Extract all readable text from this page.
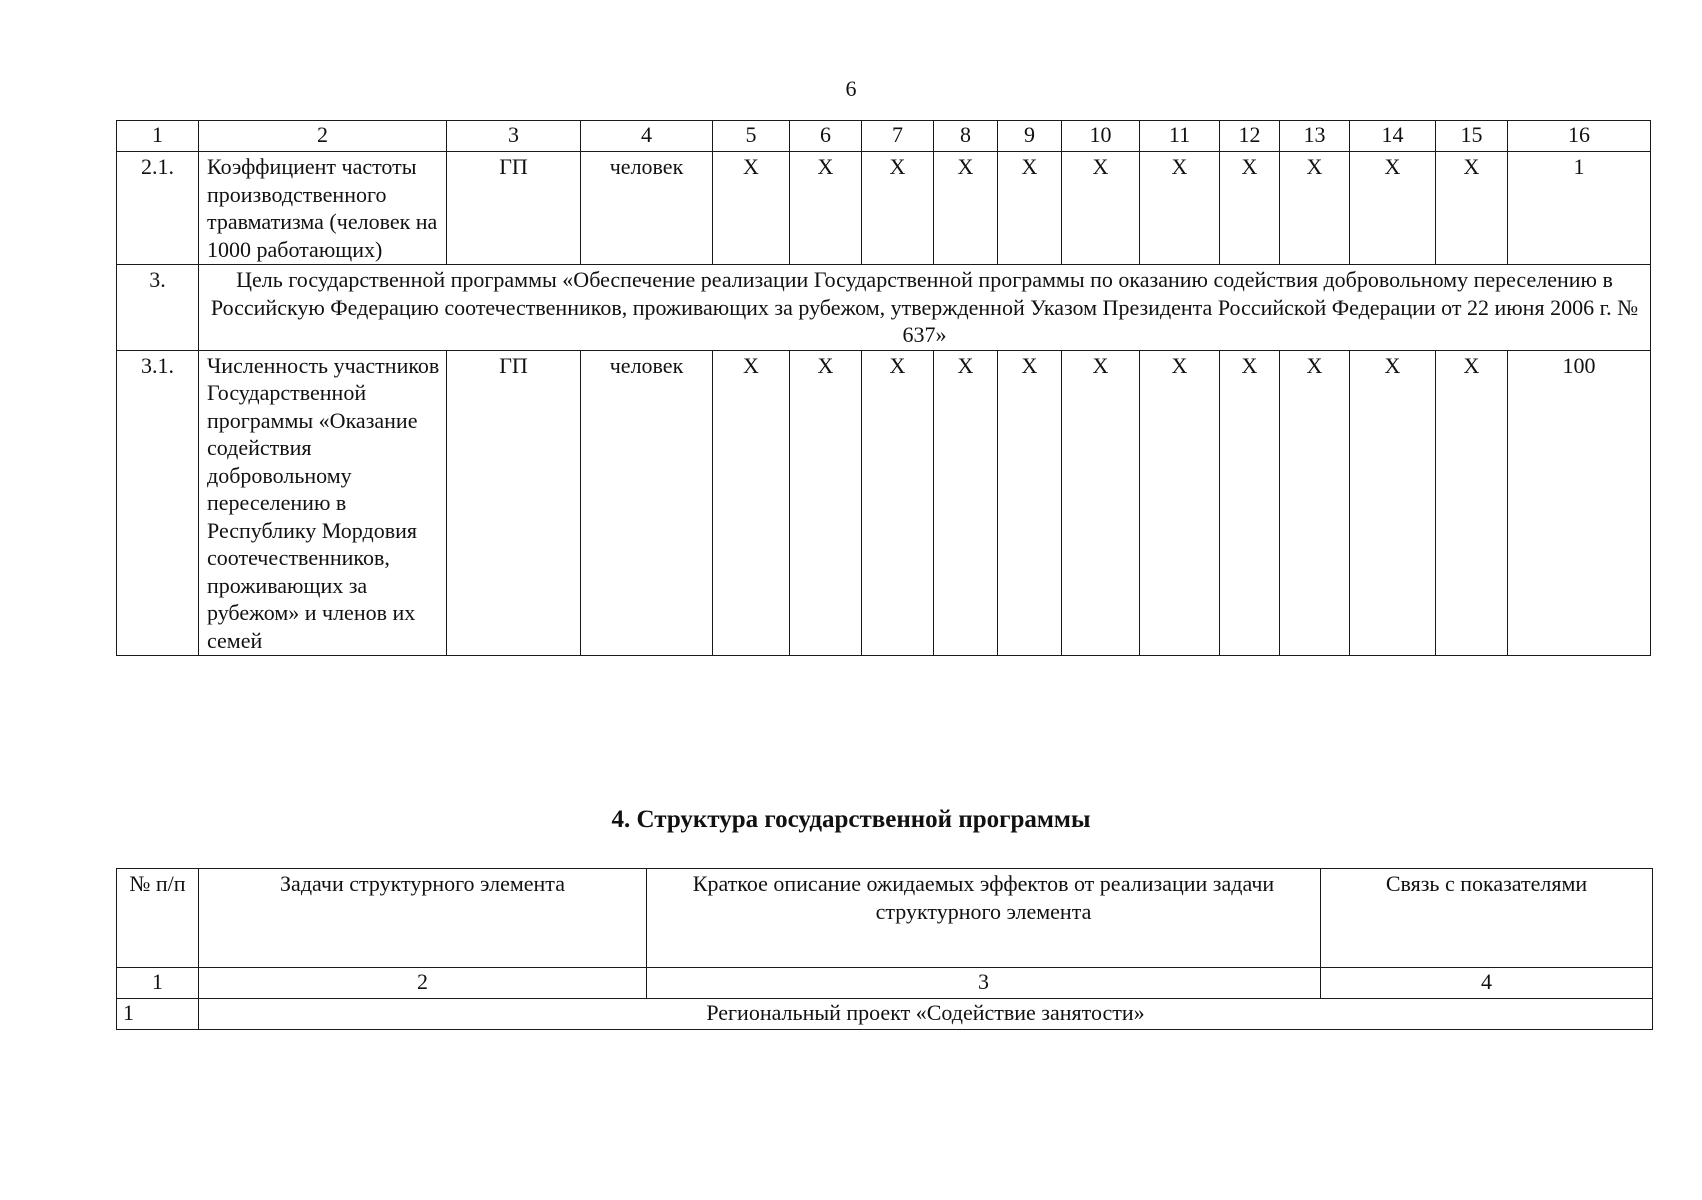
6
1	2	3	4	5	6	7	8	9	10	11	12	13	14	15	16
2.1.	Коэффициент частоты производственного травматизма (человек на 1000 работающих)	ГП	человек	X	X	X	X	X	X	X	X	X	X	X	1
3.	Цель государственной программы «Обеспечение реализации Государственной программы по оказанию содействия добровольному переселению в Российскую Федерацию соотечественников, проживающих за рубежом, утвержденной Указом Президента Российской Федерации от 22 июня 2006 г. № 637»														
3.1.	Численность участников Государственной программы «Оказание содействия добровольному переселению в Республику Мордовия соотечественников, проживающих за рубежом» и членов их семей	ГП	человек	X	X	X	X	X	X	X	X	X	X	X	100
4. Структура государственной программы
№ п/п	Задачи структурного элемента	Краткое описание ожидаемых эффектов от реализации задачи структурного элемента	Связь с показателями
1	2	3	4
1	Региональный проект «Содействие занятости»		
